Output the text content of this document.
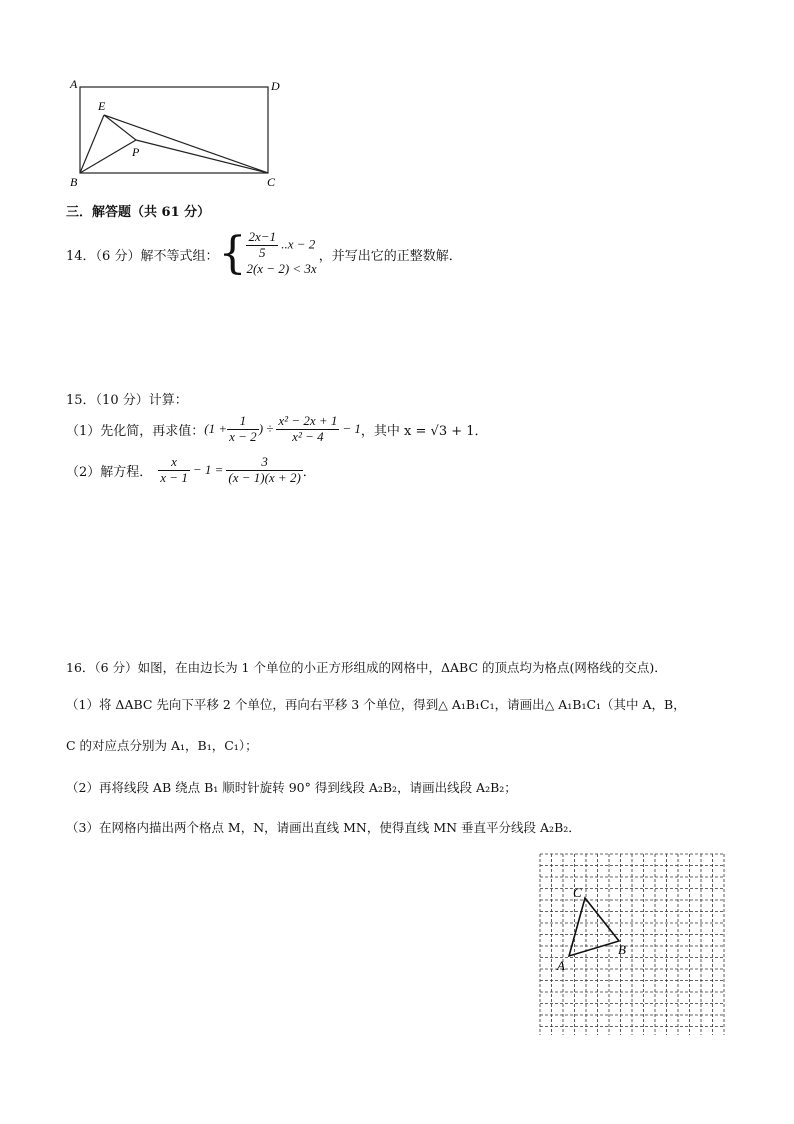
A	D
E
P
B	C
三．解答题（共 61 分）
14．（6 分）解不等式组： { $\frac{2x-1}{5} ..x - 2$
2(x − 2) < 3x
，并写出它的正整数解．
15．（10 分）计算：
（1）先化简，再求值： ($1 + \frac{1}{x - 2}$ ) ÷ $\frac{\text{x² − 2x + 1}}{\text{x² − 4}} - 1$ ，其中 x = √3 + 1．
（2）解方程． $\frac{x}{x - 1} - 1 = \frac{3}{(x - 1)(x + 2)}$ ．
16．（6 分）如图，在由边长为 1 个单位的小正方形组成的网格中，ΔABC 的顶点均为格点(网格线的交点)．
（1）将 ΔABC 先向下平移 2 个单位，再向右平移 3 个单位，得到△ A₁B₁C₁，请画出△ A₁B₁C₁（其中 A，B，
C 的对应点分别为 A₁，B₁，C₁）；
（2）再将线段 AB 绕点 B₁ 顺时针旋转 90° 得到线段 A₂B₂，请画出线段 A₂B₂；
（3）在网格内描出两个格点 M，N，请画出直线 MN，使得直线 MN 垂直平分线段 A₂B₂．
C
B
A
